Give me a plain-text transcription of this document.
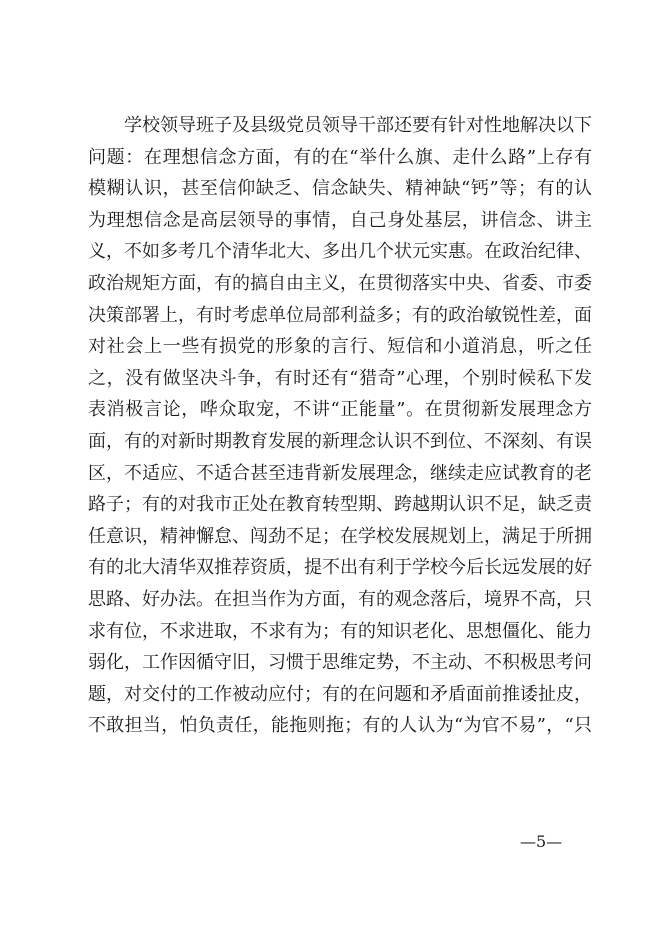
学校领导班子及县级党员领导干部还要有针对性地解决以下
问题：在理想信念方面，有的在“举什么旗、走什么路”上存有
模糊认识，甚至信仰缺乏、信念缺失、精神缺“钙”等；有的认
为理想信念是高层领导的事情，自己身处基层，讲信念、讲主
义，不如多考几个清华北大、多出几个状元实惠。在政治纪律、
政治规矩方面，有的搞自由主义，在贯彻落实中央、省委、市委
决策部署上，有时考虑单位局部利益多；有的政治敏锐性差，面
对社会上一些有损党的形象的言行、短信和小道消息，听之任
之，没有做坚决斗争，有时还有“猎奇”心理，个别时候私下发
表消极言论，哗众取宠，不讲“正能量”。在贯彻新发展理念方
面，有的对新时期教育发展的新理念认识不到位、不深刻、有误
区，不适应、不适合甚至违背新发展理念，继续走应试教育的老
路子；有的对我市正处在教育转型期、跨越期认识不足，缺乏责
任意识，精神懈怠、闯劲不足；在学校发展规划上，满足于所拥
有的北大清华双推荐资质，提不出有利于学校今后长远发展的好
思路、好办法。在担当作为方面，有的观念落后，境界不高，只
求有位，不求进取，不求有为；有的知识老化、思想僵化、能力
弱化，工作因循守旧，习惯于思维定势，不主动、不积极思考问
题，对交付的工作被动应付；有的在问题和矛盾面前推诿扯皮，
不敢担当，怕负责任，能拖则拖；有的人认为“为官不易”，“只
—5—
